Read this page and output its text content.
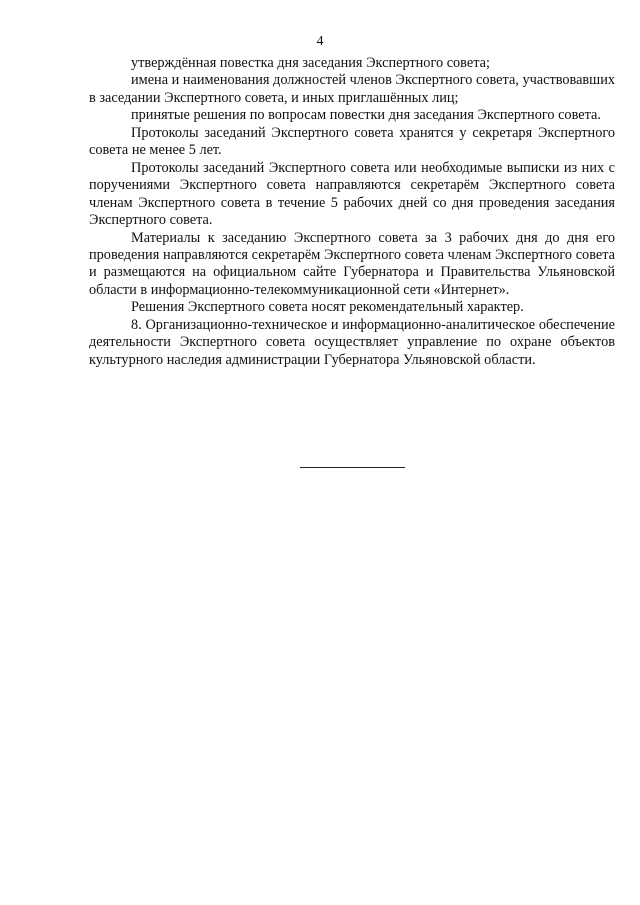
4

утверждённая повестка дня заседания Экспертного совета;

имена и наименования должностей членов Экспертного совета, участвовавших в заседании Экспертного совета, и иных приглашённых лиц;

принятые решения по вопросам повестки дня заседания Экспертного совета.

Протоколы заседаний Экспертного совета хранятся у секретаря Экспертного совета не менее 5 лет.

Протоколы заседаний Экспертного совета или необходимые выписки из них с поручениями Экспертного совета направляются секретарём Экспертного совета членам Экспертного совета в течение 5 рабочих дней со дня проведения заседания Экспертного совета.

Материалы к заседанию Экспертного совета за 3 рабочих дня до дня его проведения направляются секретарём Экспертного совета членам Экспертного совета и размещаются на официальном сайте Губернатора и Правительства Ульяновской области в информационно-телекоммуникационной сети «Интернет».

Решения Экспертного совета носят рекомендательный характер.

8. Организационно-техническое и информационно-аналитическое обеспечение деятельности Экспертного совета осуществляет управление по охране объектов культурного наследия администрации Губернатора Ульяновской области.
